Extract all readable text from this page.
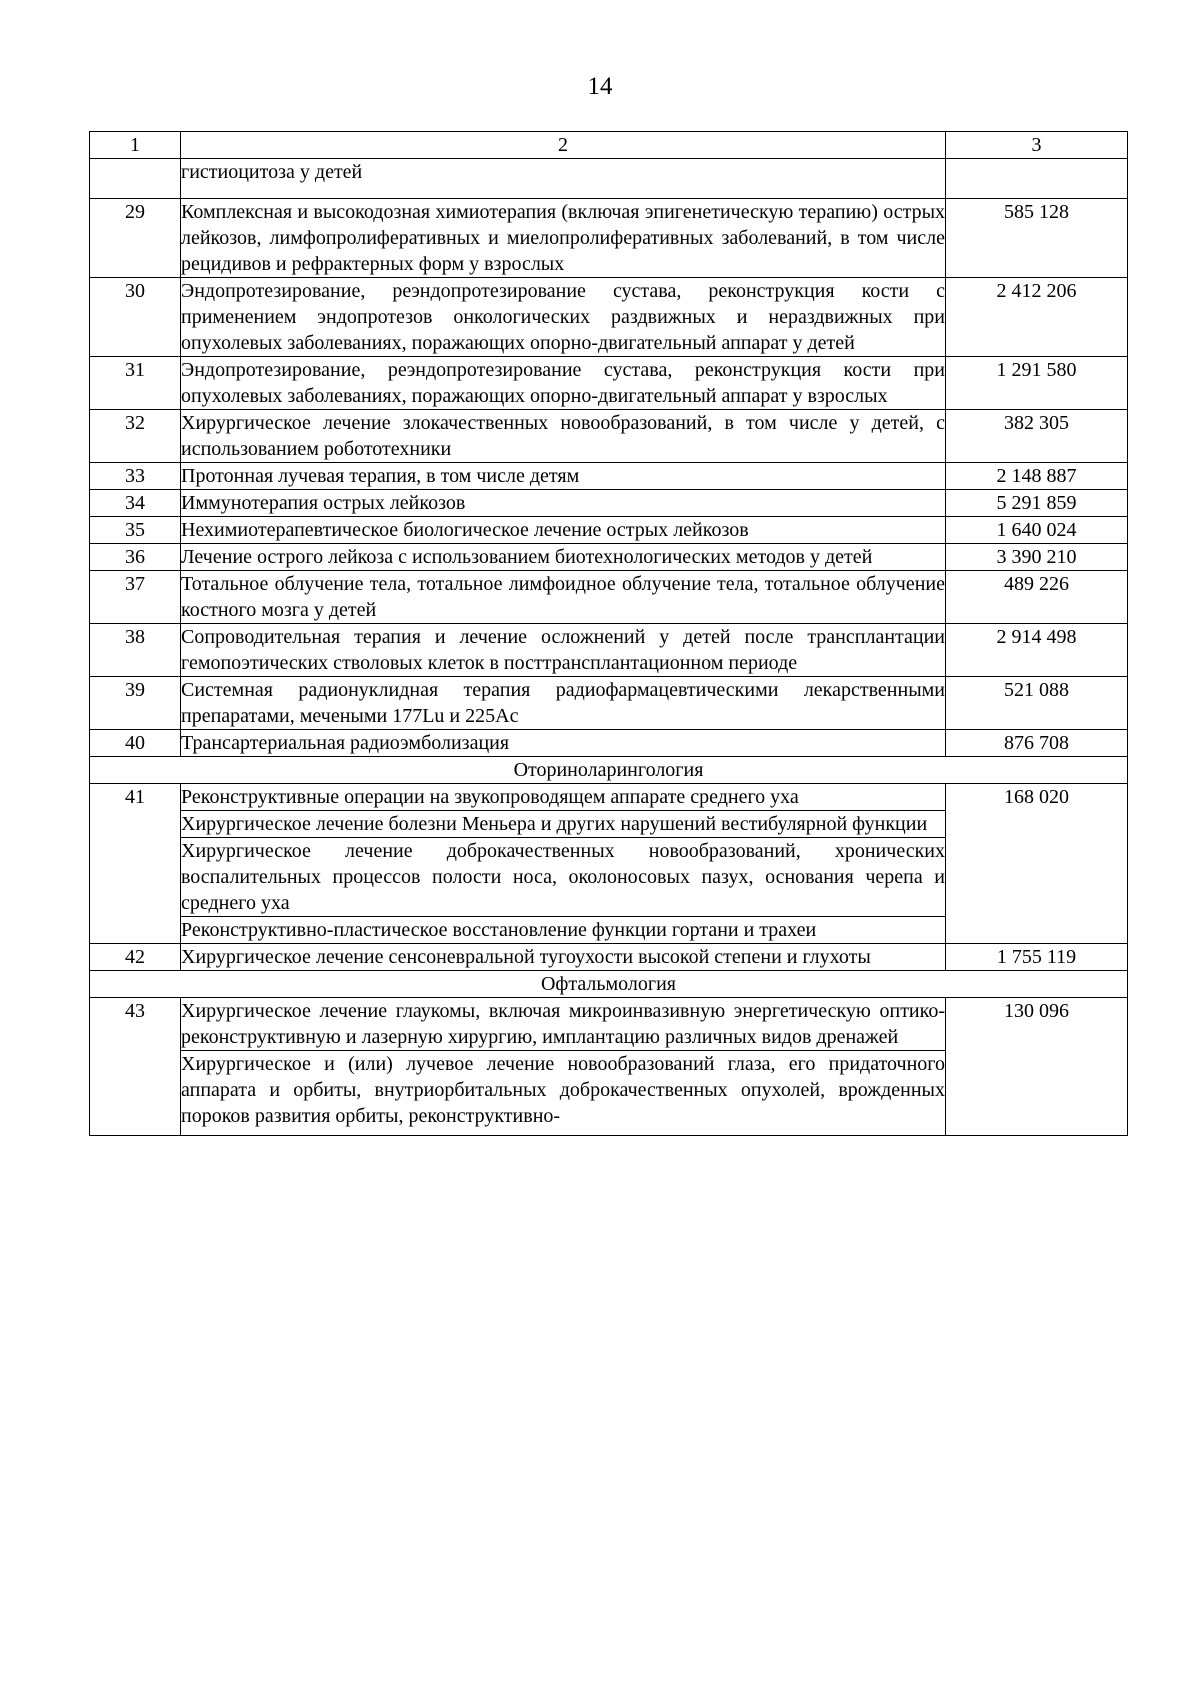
14
1	2	3
	гистиоцитоза у детей	
29	Комплексная и высокодозная химиотерапия (включая эпигенетическую терапию) острых лейкозов, лимфопролиферативных и миелопролиферативных заболеваний, в том числе рецидивов и рефрактерных форм у взрослых	585 128
30	Эндопротезирование, реэндопротезирование сустава, реконструкция кости с применением эндопротезов онкологических раздвижных и нераздвижных при опухолевых заболеваниях, поражающих опорно-двигательный аппарат у детей	2 412 206
31	Эндопротезирование, реэндопротезирование сустава, реконструкция кости при опухолевых заболеваниях, поражающих опорно-двигательный аппарат у взрослых	1 291 580
32	Хирургическое лечение злокачественных новообразований, в том числе у детей, с использованием робототехники	382 305
33	Протонная лучевая терапия, в том числе детям	2 148 887
34	Иммунотерапия острых лейкозов	5 291 859
35	Нехимиотерапевтическое биологическое лечение острых лейкозов	1 640 024
36	Лечение острого лейкоза с использованием биотехнологических методов у детей	3 390 210
37	Тотальное облучение тела, тотальное лимфоидное облучение тела, тотальное облучение костного мозга у детей	489 226
38	Сопроводительная терапия и лечение осложнений у детей после трансплантации гемопоэтических стволовых клеток в посттрансплантационном периоде	2 914 498
39	Системная радионуклидная терапия радиофармацевтическими лекарственными препаратами, мечеными 177Lu и 225Ac	521 088
40	Трансартериальная радиоэмболизация	876 708
Оториноларингология		
41	Реконструктивные операции на звукопроводящем аппарате среднего уха	168 020
	Хирургическое лечение болезни Меньера и других нарушений вестибулярной функции	
	Хирургическое лечение доброкачественных новообразований, хронических воспалительных процессов полости носа, околоносовых пазух, основания черепа и среднего уха	
	Реконструктивно-пластическое восстановление функции гортани и трахеи	
42	Хирургическое лечение сенсоневральной тугоухости высокой степени и глухоты	1 755 119
Офтальмология		
43	Хирургическое лечение глаукомы, включая микроинвазивную энергетическую оптико-реконструктивную и лазерную хирургию, имплантацию различных видов дренажей	130 096
	Хирургическое и (или) лучевое лечение новообразований глаза, его придаточного аппарата и орбиты, внутриорбитальных доброкачественных опухолей, врожденных пороков развития орбиты, реконструктивно-	
